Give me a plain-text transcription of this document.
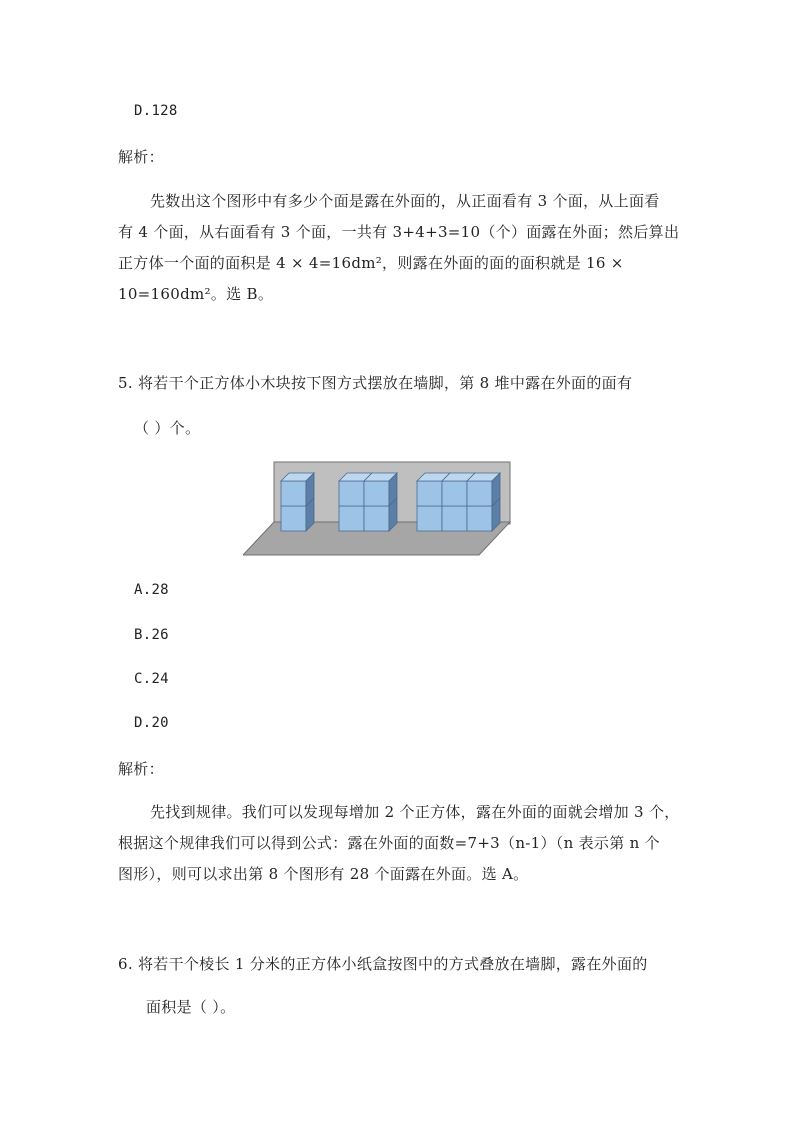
D.128
解析：
先数出这个图形中有多少个面是露在外面的，从正面看有 3 个面，从上面看
有 4 个面，从右面看有 3 个面，一共有 3+4+3=10（个）面露在外面；然后算出
正方体一个面的面积是 4 × 4=16dm²，则露在外面的面的面积就是 16 ×
10=160dm²。选 B。
5. 将若干个正方体小木块按下图方式摆放在墙脚，第 8 堆中露在外面的面有
（ ）个。
A.28
B.26
C.24
D.20
解析：
先找到规律。我们可以发现每增加 2 个正方体，露在外面的面就会增加 3 个，
根据这个规律我们可以得到公式：露在外面的面数=7+3（n-1）（n 表示第 n 个
图形），则可以求出第 8 个图形有 28 个面露在外面。选 A。
6. 将若干个棱长 1 分米的正方体小纸盒按图中的方式叠放在墙脚，露在外面的
面积是（ ）。
